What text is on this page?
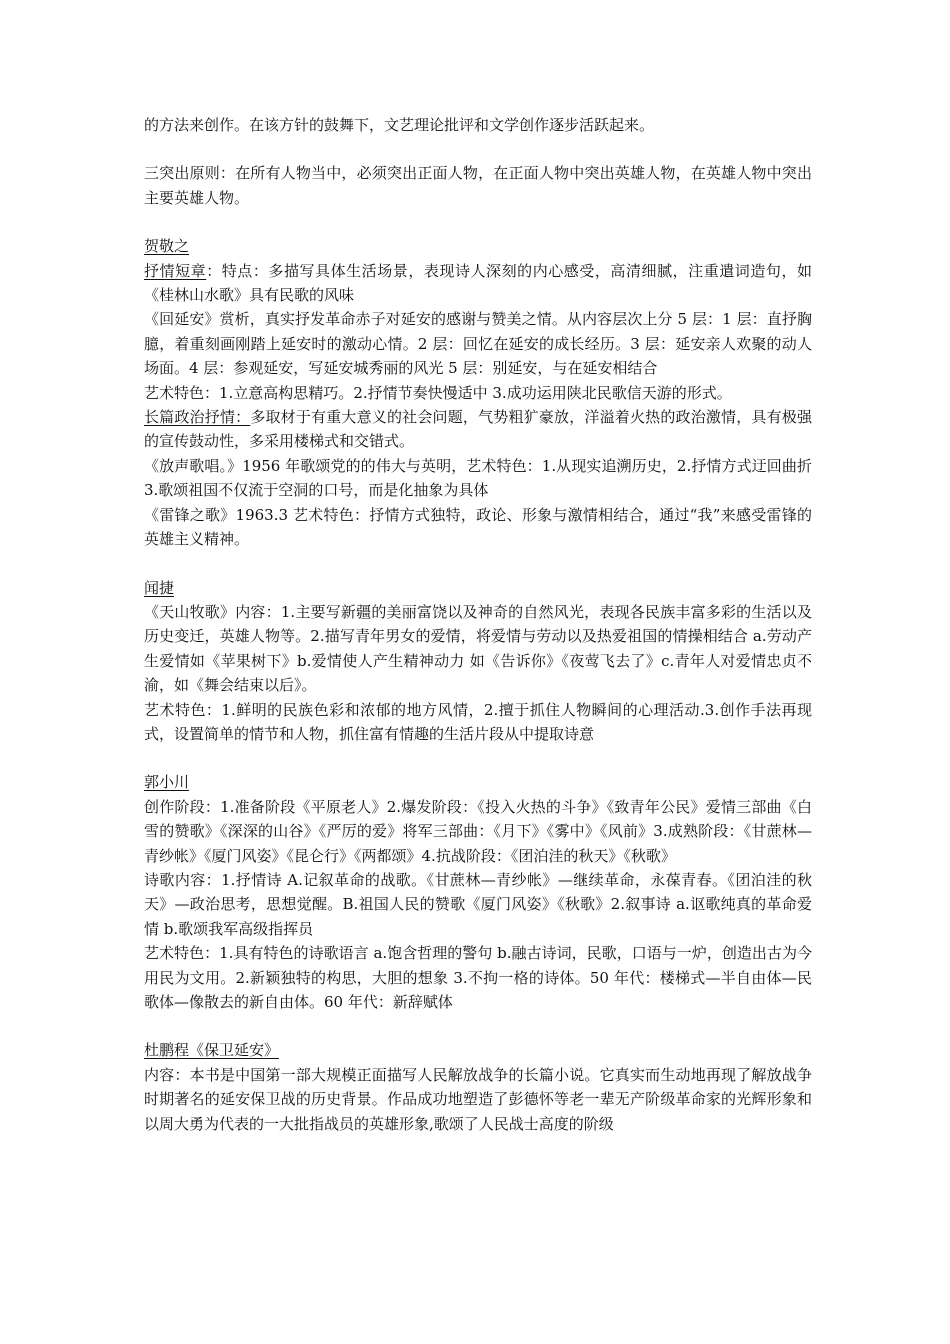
的方法来创作。在该方针的鼓舞下，文艺理论批评和文学创作逐步活跃起来。

三突出原则：在所有人物当中，必须突出正面人物，在正面人物中突出英雄人物，在英雄人物中突出主要英雄人物。

贺敬之

抒情短章：特点：多描写具体生活场景，表现诗人深刻的内心感受，高清细腻，注重遣词造句，如《桂林山水歌》具有民歌的风味

《回延安》赏析，真实抒发革命赤子对延安的感谢与赞美之情。从内容层次上分 5 层：1 层：直抒胸臆，着重刻画刚踏上延安时的激动心情。2 层：回忆在延安的成长经历。3 层：延安亲人欢聚的动人场面。4 层：参观延安，写延安城秀丽的风光 5 层：别延安，与在延安相结合

艺术特色：1.立意高构思精巧。2.抒情节奏快慢适中 3.成功运用陕北民歌信天游的形式。

长篇政治抒情：多取材于有重大意义的社会问题，气势粗犷豪放，洋溢着火热的政治激情，具有极强的宣传鼓动性，多采用楼梯式和交错式。

《放声歌唱。》1956 年歌颂党的的伟大与英明，艺术特色：1.从现实追溯历史，2.抒情方式迂回曲折 3.歌颂祖国不仅流于空洞的口号，而是化抽象为具体

《雷锋之歌》1963.3 艺术特色：抒情方式独特，政论、形象与激情相结合，通过“我”来感受雷锋的英雄主义精神。

闻捷

《天山牧歌》内容：1.主要写新疆的美丽富饶以及神奇的自然风光，表现各民族丰富多彩的生活以及历史变迁，英雄人物等。2.描写青年男女的爱情，将爱情与劳动以及热爱祖国的情操相结合 a.劳动产生爱情如《苹果树下》b.爱情使人产生精神动力 如《告诉你》《夜莺飞去了》c.青年人对爱情忠贞不渝，如《舞会结束以后》。

艺术特色：1.鲜明的民族色彩和浓郁的地方风情，2.擅于抓住人物瞬间的心理活动.3.创作手法再现式，设置简单的情节和人物，抓住富有情趣的生活片段从中提取诗意

郭小川

创作阶段：1.准备阶段《平原老人》2.爆发阶段：《投入火热的斗争》《致青年公民》爱情三部曲《白雪的赞歌》《深深的山谷》《严厉的爱》将军三部曲：《月下》《雾中》《风前》3.成熟阶段：《甘蔗林—青纱帐》《厦门风姿》《昆仑行》《两都颂》4.抗战阶段：《团泊洼的秋天》《秋歌》

诗歌内容：1.抒情诗 A.记叙革命的战歌。《甘蔗林—青纱帐》—继续革命，永葆青春。《团泊洼的秋天》—政治思考，思想觉醒。B.祖国人民的赞歌《厦门风姿》《秋歌》2.叙事诗 a.讴歌纯真的革命爱情 b.歌颂我军高级指挥员

艺术特色：1.具有特色的诗歌语言 a.饱含哲理的警句 b.融古诗词，民歌，口语与一炉，创造出古为今用民为文用。2.新颖独特的构思，大胆的想象 3.不拘一格的诗体。50 年代：楼梯式—半自由体—民歌体—像散去的新自由体。60 年代：新辞赋体

杜鹏程《保卫延安》

内容：本书是中国第一部大规模正面描写人民解放战争的长篇小说。它真实而生动地再现了解放战争时期著名的延安保卫战的历史背景。作品成功地塑造了彭德怀等老一辈无产阶级革命家的光辉形象和以周大勇为代表的一大批指战员的英雄形象,歌颂了人民战士高度的阶级
